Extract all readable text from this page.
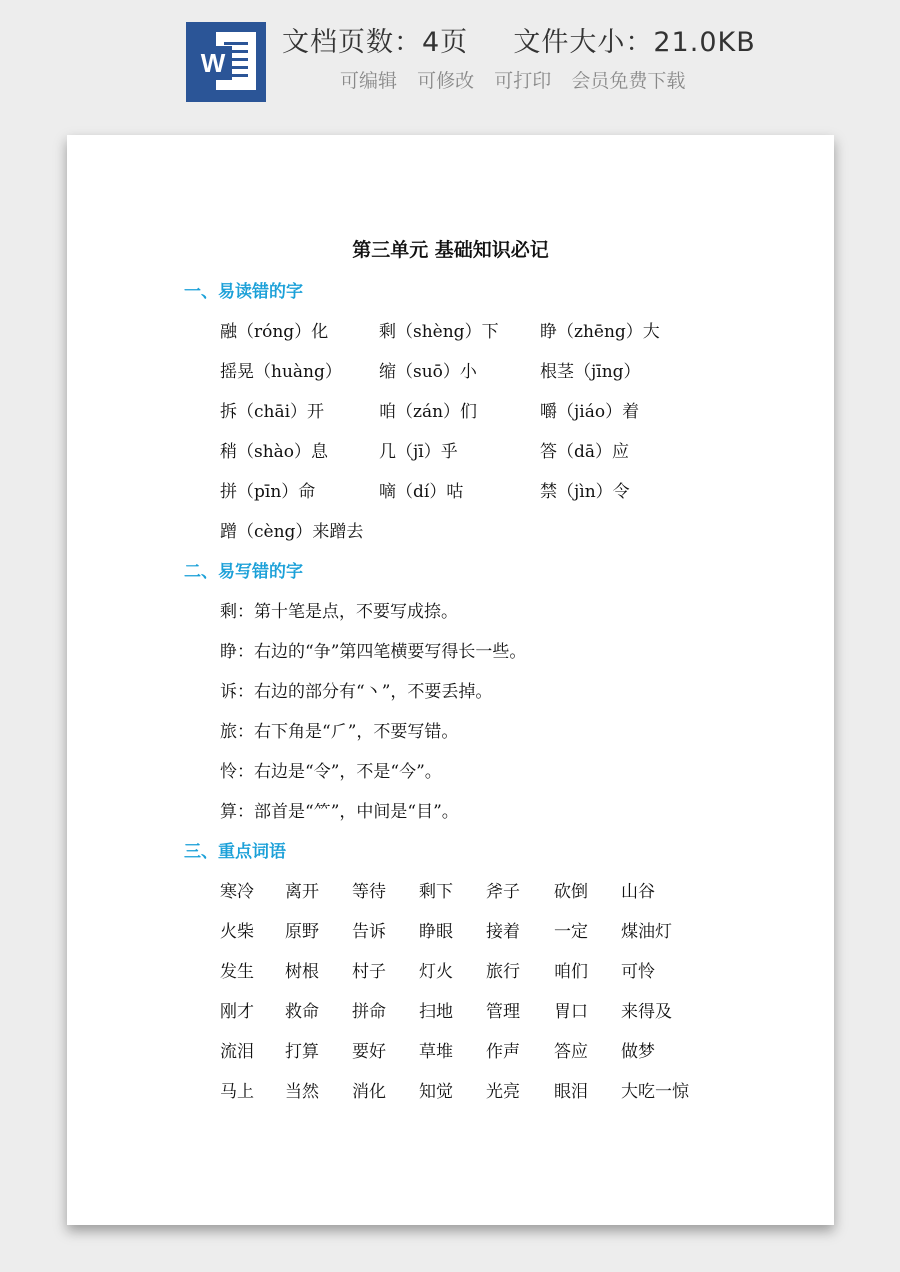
W
文档页数：4页 文件大小：21.0KB
可编辑 可修改 可打印 会员免费下载
第三单元 基础知识必记
一、易读错的字
融（róng）化	剩（shèng）下 睁（zhēng）大
摇晃（huàng） 缩（suō）小	根茎（jīng）
拆（chāi）开	咱（zán）们	嚼（jiáo）着
稍（shào）息	几（jī）乎	答（dā）应
拼（pīn）命	嘀（dí）咕	禁（jìn）令
蹭（cèng）来蹭去
二、易写错的字
剩：第十笔是点，不要写成捺。
睁：右边的“争”第四笔横要写得长一些。
诉：右边的部分有“丶”，不要丢掉。
旅：右下角是“⺁”，不要写错。
怜：右边是“令”，不是“今”。
算：部首是“⺮”，中间是“目”。
三、重点词语
寒冷 离开 等待 剩下 斧子 砍倒 山谷
火柴 原野 告诉 睁眼 接着 一定 煤油灯
发生 树根 村子 灯火 旅行 咱们 可怜
刚才 救命 拼命 扫地 管理 胃口 来得及
流泪 打算 要好 草堆 作声 答应 做梦
马上 当然 消化 知觉 光亮 眼泪 大吃一惊
